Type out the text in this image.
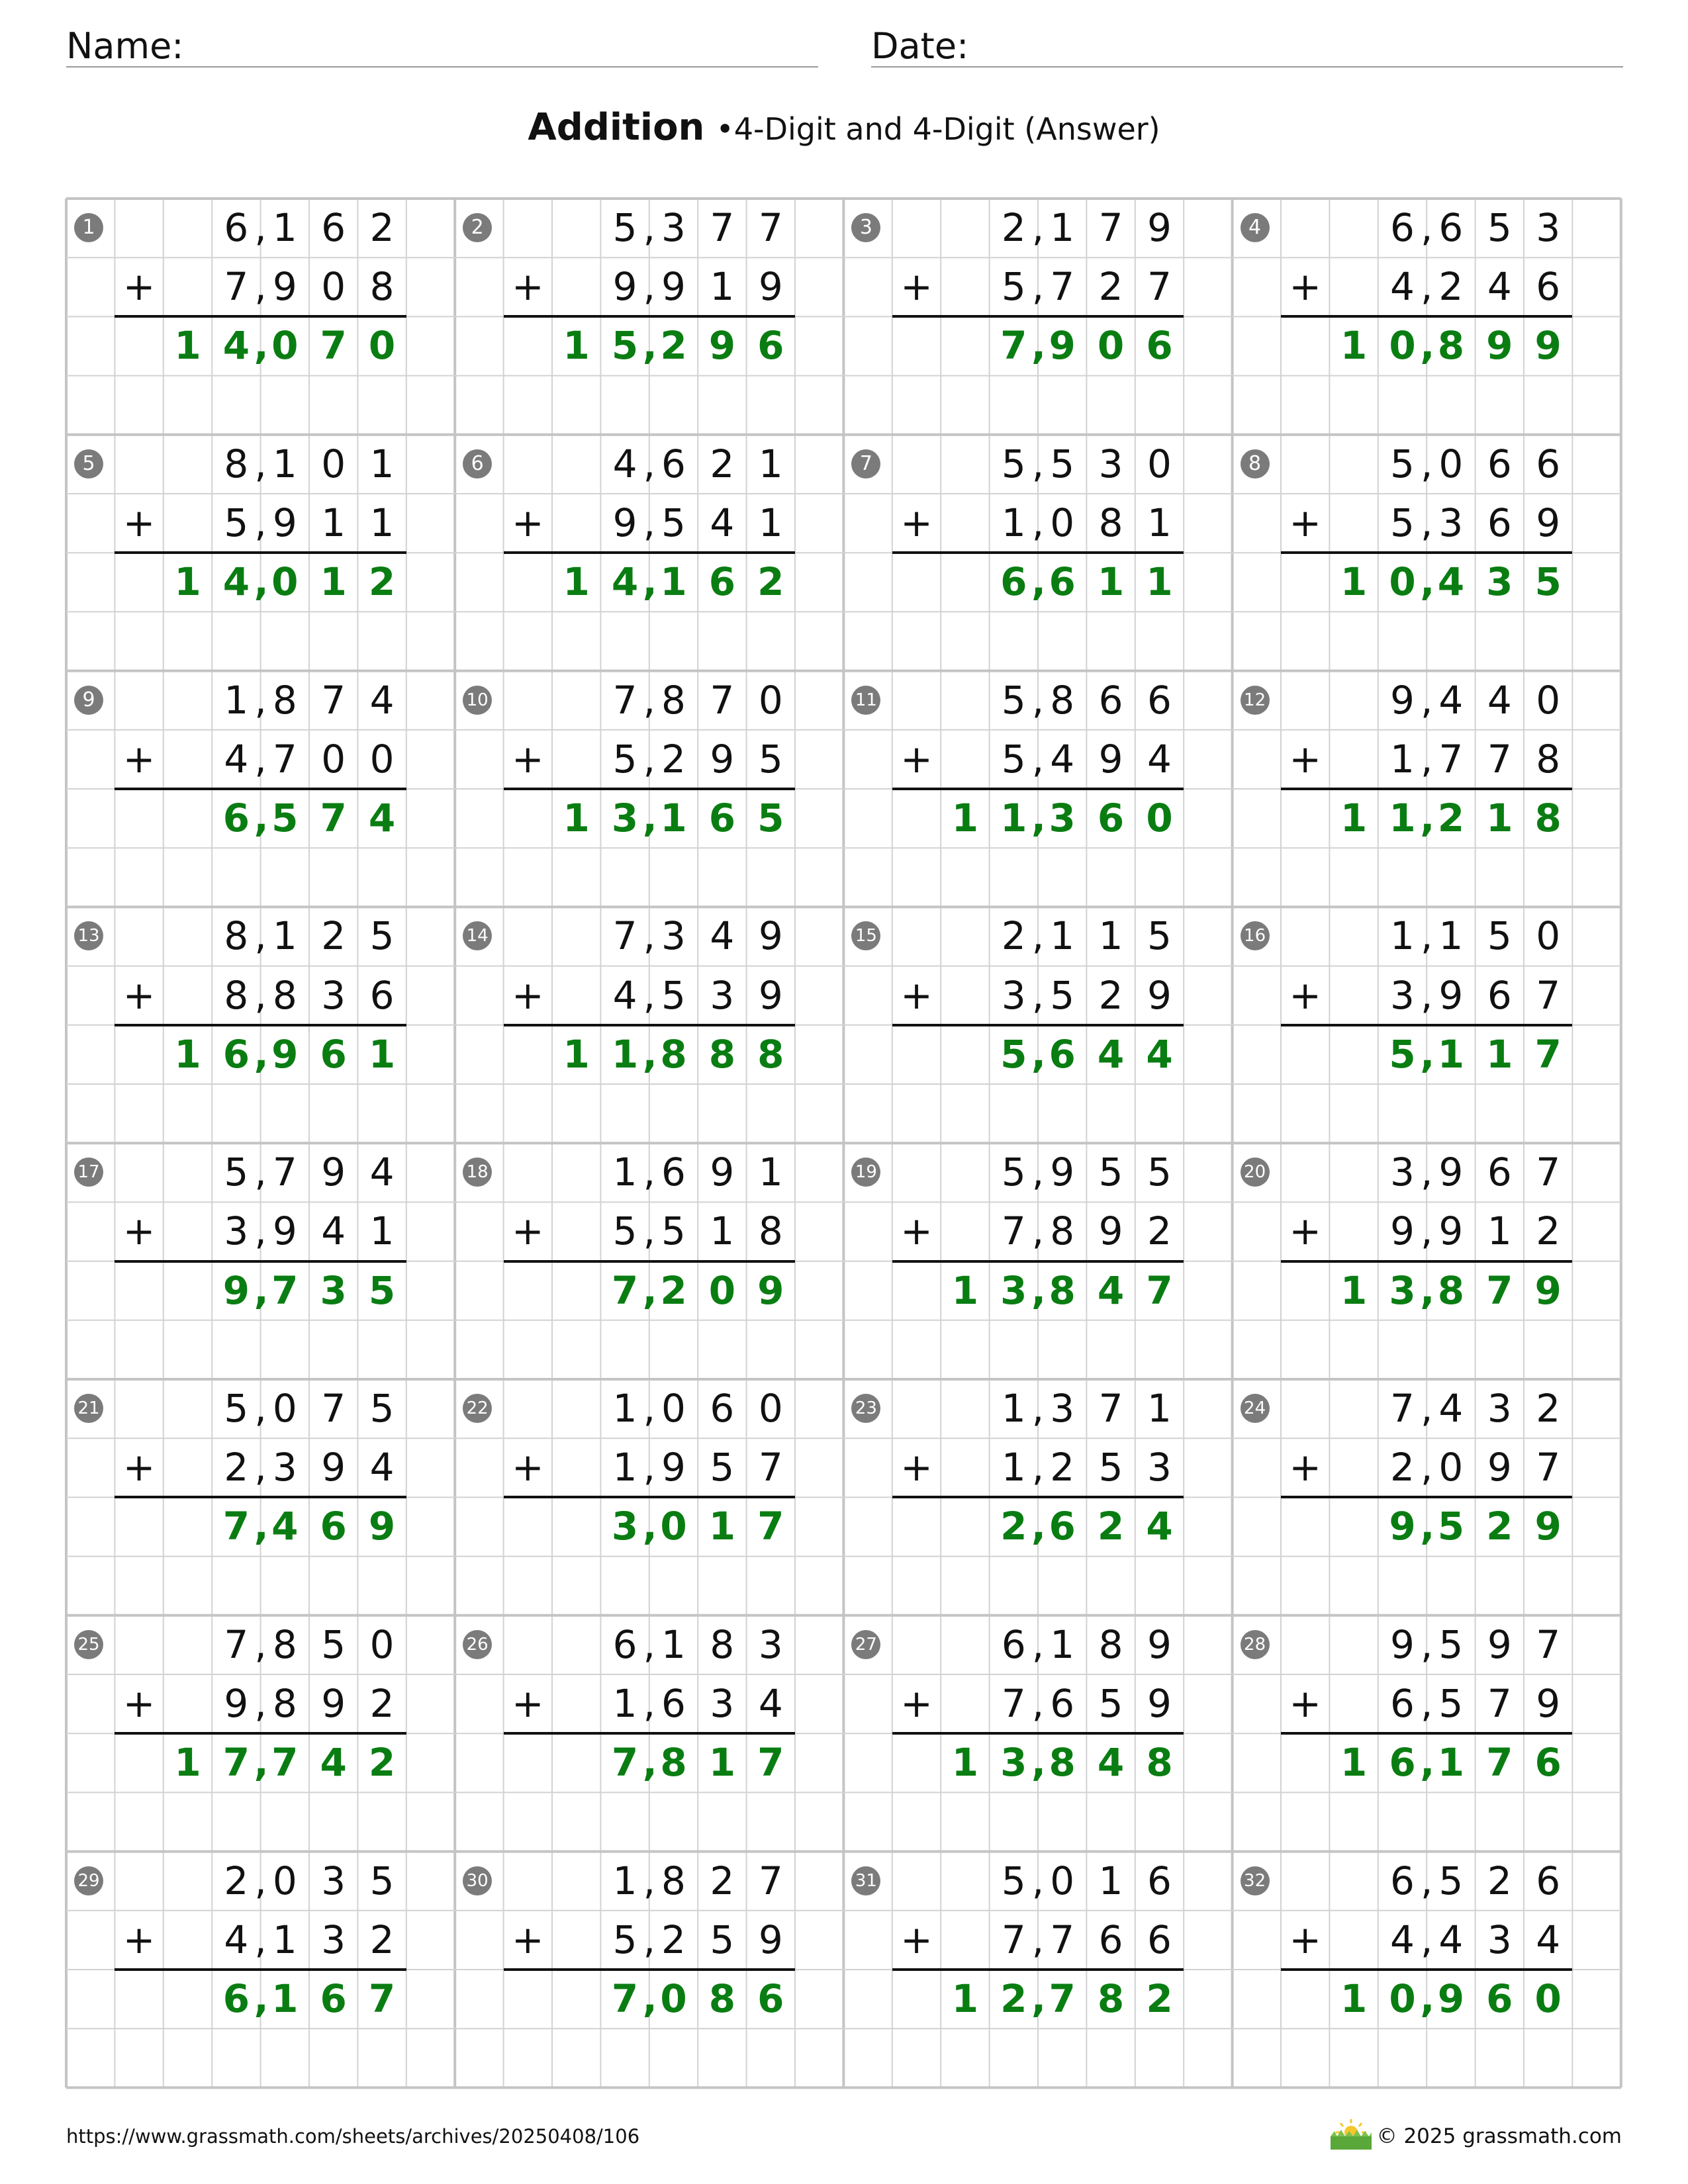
Name:	Date:
Addition •4-Digit and 4-Digit (Answer)
1	6 1 6 2
,
+	7 9 0 8
,
1 4 0 7 0
,
2	5 3 7 7
,
+	9 9 1 9
,
1 5 2 9 6
,
3	2 1 7 9
,
+	5 7 2 7
,
7 9 0 6
,
4	6 6 5 3
,
+	4 2 4 6
,
1 0 8 9 9
,
5	8 1 0 1
,
+	5 9 1 1
,
1 4 0 1 2
,
6	4 6 2 1
,
+	9 5 4 1
,
1 4 1 6 2
,
7	5 5 3 0
,
+	1 0 8 1
,
6 6 1 1
,
8	5 0 6 6
,
+	5 3 6 9
,
1 0 4 3 5
,
9	1 8 7 4
,
+	4 7 0 0
,
6 5 7 4
,
10	7 8 7 0
,
+	5 2 9 5
,
1 3 1 6 5
,
11	5 8 6 6
,
+	5 4 9 4
,
1 1 3 6 0
,
12	9 4 4 0
,
+	1 7 7 8
,
1 1 2 1 8
,
13	8 1 2 5
,
+	8 8 3 6
,
1 6 9 6 1
,
14	7 3 4 9
,
+	4 5 3 9
,
1 1 8 8 8
,
15	2 1 1 5
,
+	3 5 2 9
,
5 6 4 4
,
16	1 1 5 0
,
+	3 9 6 7
,
5 1 1 7
,
17	5 7 9 4
,
+	3 9 4 1
,
9 7 3 5
,
18	1 6 9 1
,
+	5 5 1 8
,
7 2 0 9
,
19	5 9 5 5
,
+	7 8 9 2
,
1 3 8 4 7
,
20	3 9 6 7
,
+	9 9 1 2
,
1 3 8 7 9
,
21	5 0 7 5
,
+	2 3 9 4
,
7 4 6 9
,
22	1 0 6 0
,
+	1 9 5 7
,
3 0 1 7
,
23	1 3 7 1
,
+	1 2 5 3
,
2 6 2 4
,
24	7 4 3 2
,
+	2 0 9 7
,
9 5 2 9
,
25	7 8 5 0
,
+	9 8 9 2
,
1 7 7 4 2
,
26	6 1 8 3
,
+	1 6 3 4
,
7 8 1 7
,
27	6 1 8 9
,
+	7 6 5 9
,
1 3 8 4 8
,
28	9 5 9 7
,
+	6 5 7 9
,
1 6 1 7 6
,
29	2 0 3 5
,
+	4 1 3 2
,
6 1 6 7
,
30	1 8 2 7
,
+	5 2 5 9
,
7 0 8 6
,
31	5 0 1 6
,
+	7 7 6 6
,
1 2 7 8 2
,
32	6 5 2 6
,
+	4 4 3 4
,
1 0 9 6 0
,
https://www.grassmath.com/sheets/archives/20250408/106	© 2025 grassmath.com
